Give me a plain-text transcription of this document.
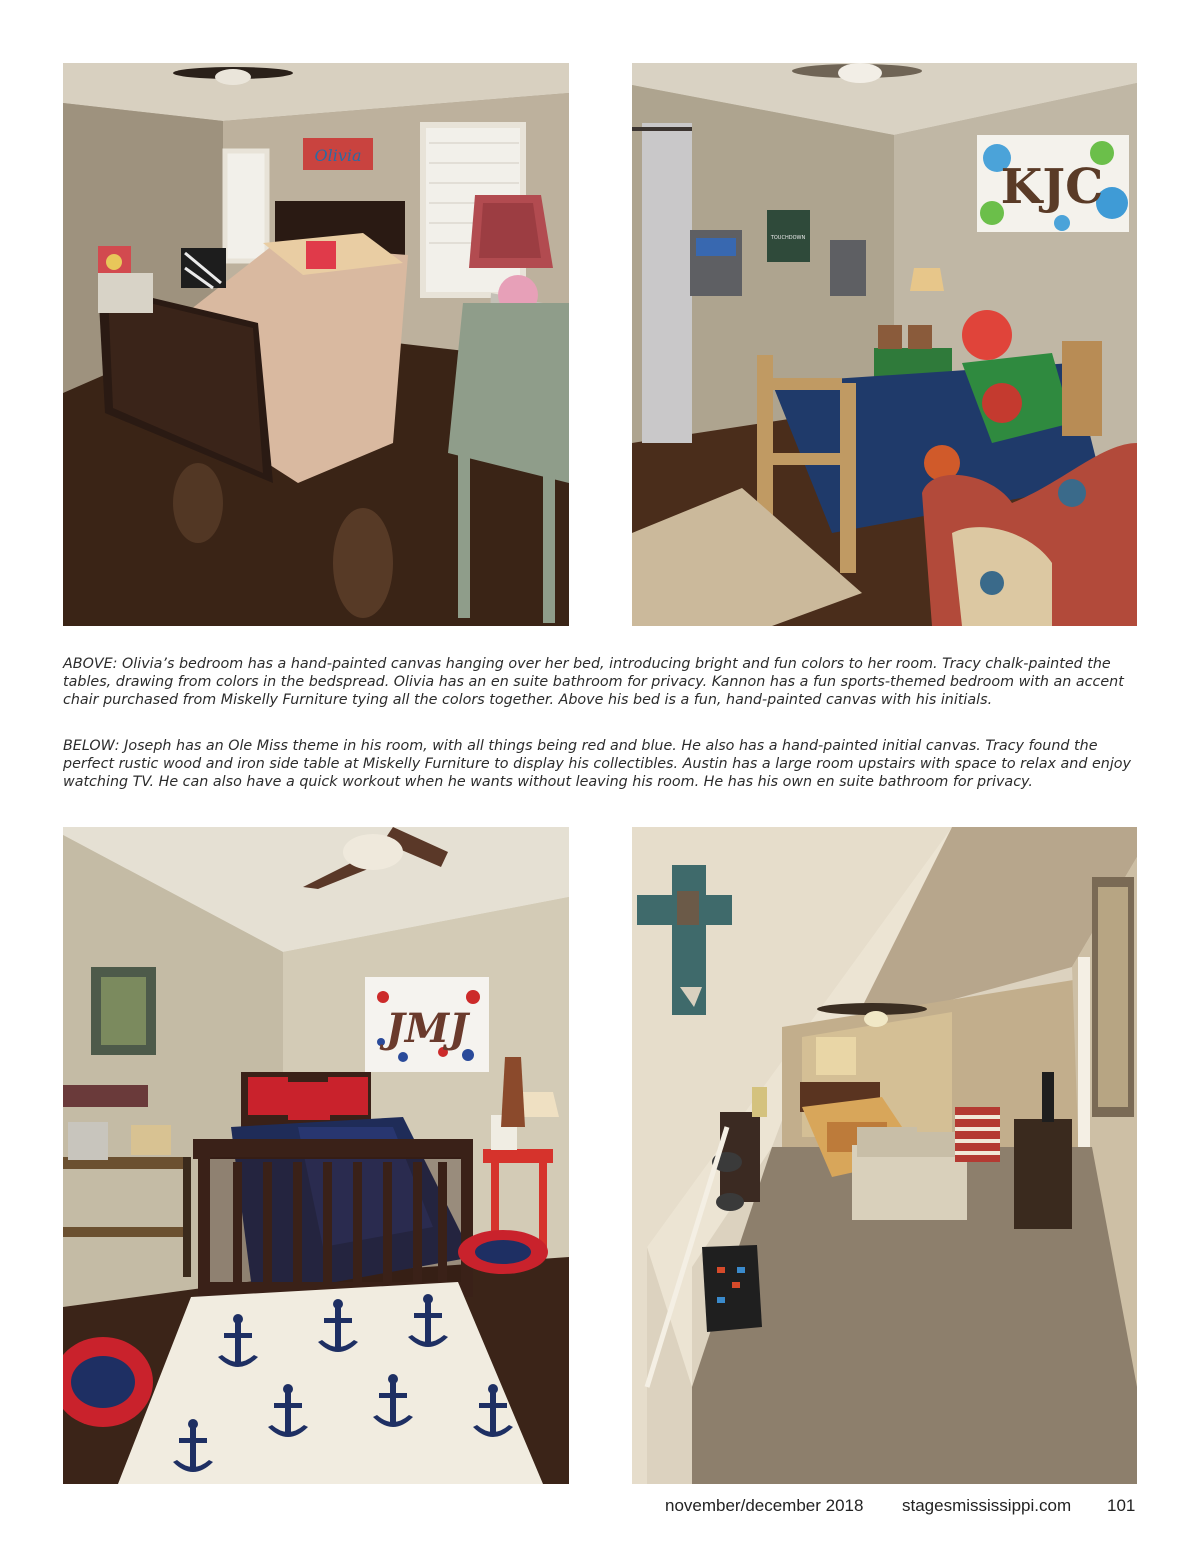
Olivia
KJC
TOUCHDOWN
ABOVE: Olivia’s bedroom has a hand-painted canvas hanging over her bed, introducing bright and fun colors to her room. Tracy chalk-painted the tables, drawing from colors in the bedspread. Olivia has an en suite bathroom for privacy. Kannon has a fun sports-themed bedroom with an accent chair purchased from Miskelly Furniture tying all the colors together. Above his bed is a fun, hand-painted canvas with his initials.
BELOW: Joseph has an Ole Miss theme in his room, with all things being red and blue. He also has a hand-painted initial canvas. Tracy found the perfect rustic wood and iron side table at Miskelly Furniture to display his collectibles. Austin has a large room upstairs with space to relax and enjoy watching TV. He can also have a quick workout when he wants without leaving his room. He has his own en suite bathroom for privacy.
JMJ
november/december 2018 stagesmississippi.com 101
